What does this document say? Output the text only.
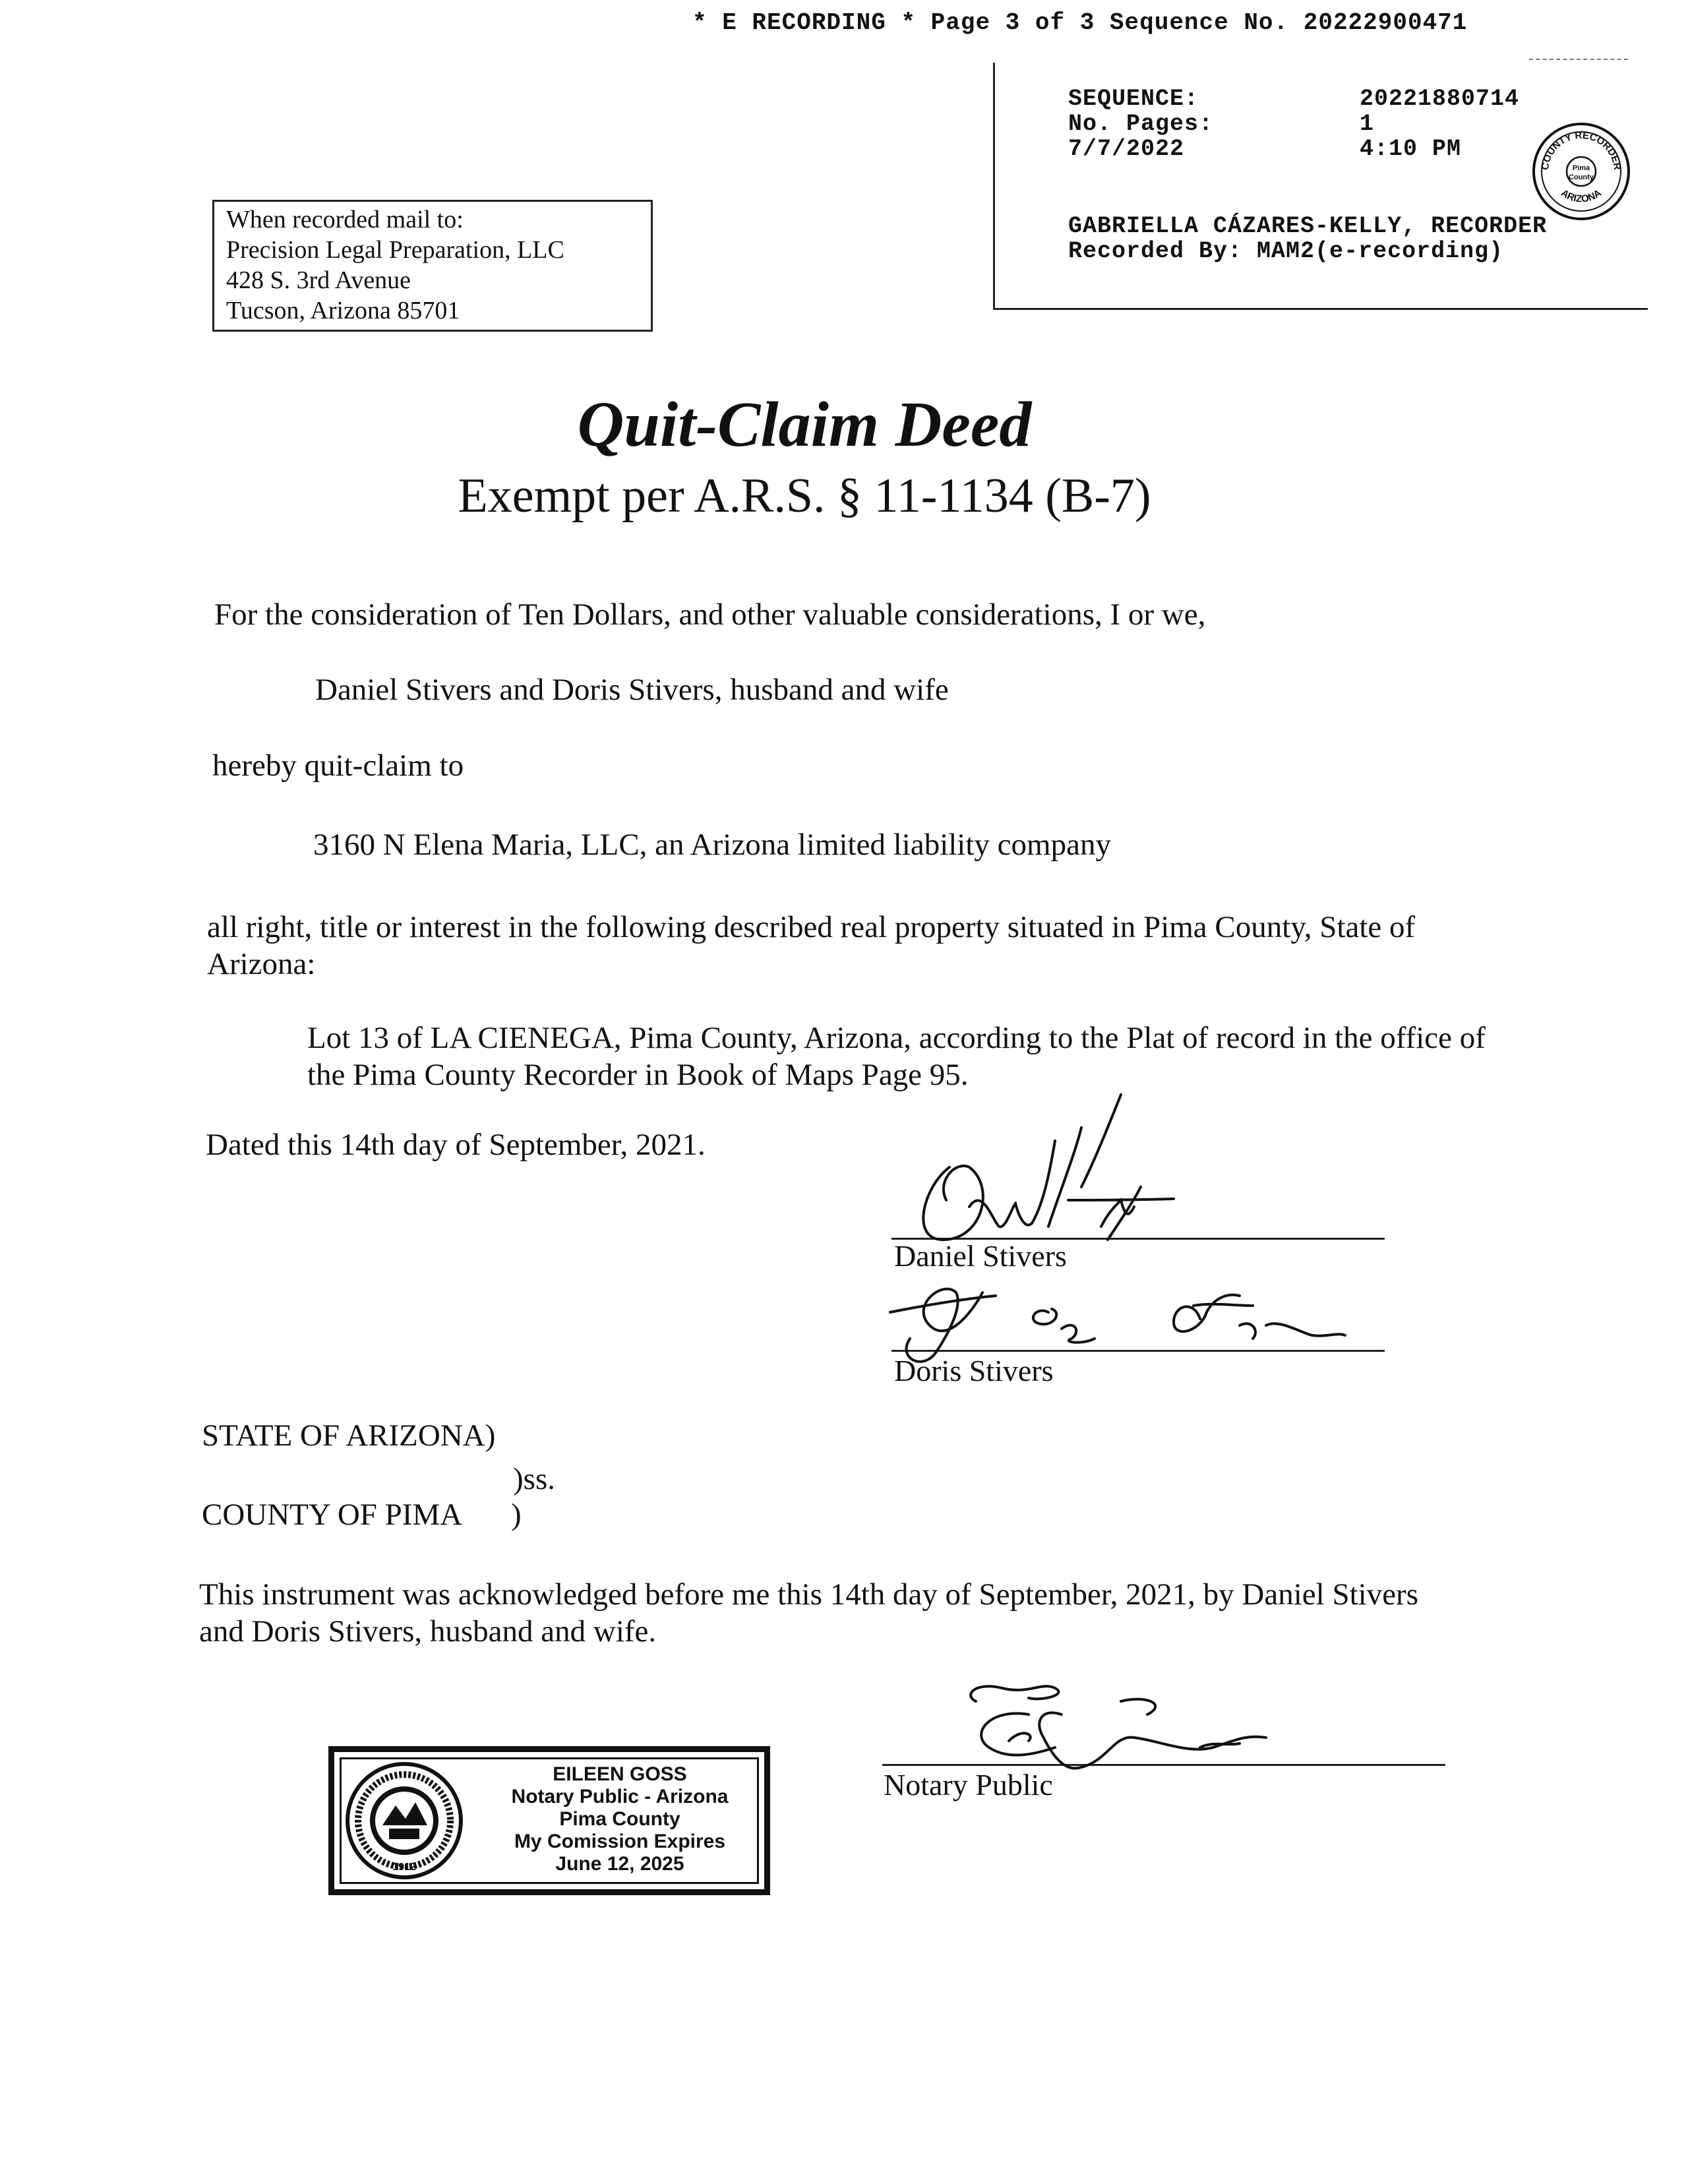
* E RECORDING * Page 3 of 3 Sequence No. 20222900471
SEQUENCE:	20221880714
No. Pages:	1
7/7/2022	4:10 PM
GABRIELLA CÁZARES-KELLY, RECORDER
Recorded By: MAM2(e-recording)
COUNTY RECORDER
ARIZONA
Pima
County
When recorded mail to:
Precision Legal Preparation, LLC
428 S. 3rd Avenue
Tucson, Arizona 85701
Quit-Claim Deed
Exempt per A.R.S. § 11-1134 (B-7)
For the consideration of Ten Dollars, and other valuable considerations, I or we,
Daniel Stivers and Doris Stivers, husband and wife
hereby quit-claim to
3160 N Elena Maria, LLC, an Arizona limited liability company
all right, title or interest in the following described real property situated in Pima County, State of Arizona:
Lot 13 of LA CIENEGA, Pima County, Arizona, according to the Plat of record in the office of the Pima County Recorder in Book of Maps Page 95.
Dated this 14th day of September, 2021.
Daniel Stivers
Doris Stivers
STATE OF ARIZONA)
)ss.
COUNTY OF PIMA )
This instrument was acknowledged before me this 14th day of September, 2021, by Daniel Stivers and Doris Stivers, husband and wife.
1912
EILEEN GOSS
Notary Public - Arizona
Pima County
My Comission Expires
June 12, 2025
Notary Public
